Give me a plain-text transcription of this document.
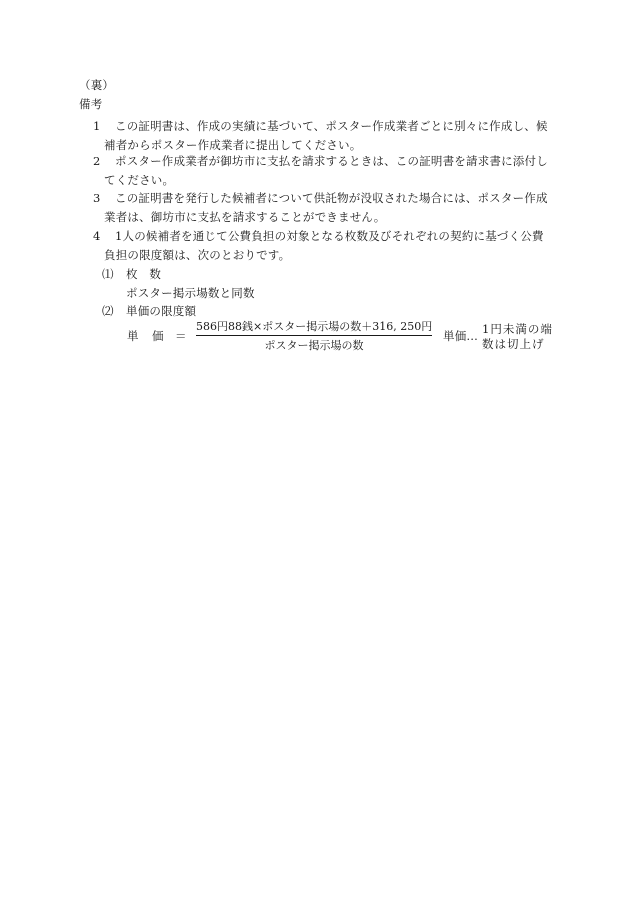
（裏）
備考
1 この証明書は、作成の実績に基づいて、ポスター作成業者ごとに別々に作成し、候
補者からポスター作成業者に提出してください。
2 ポスター作成業者が御坊市に支払を請求するときは、この証明書を請求書に添付し
てください。
3 この証明書を発行した候補者について供託物が没収された場合には、ポスター作成
業者は、御坊市に支払を請求することができません。
4 1人の候補者を通じて公費負担の対象となる枚数及びそれぞれの契約に基づく公費
負担の限度額は、次のとおりです。
⑴ 枚　数
ポスター掲示場数と同数
⑵ 単価の限度額
単　価 ＝
586円88銭×ポスター掲示場の数＋316, 250円
ポスター掲示場の数
単価… 1円未満の端
数は切上げ
